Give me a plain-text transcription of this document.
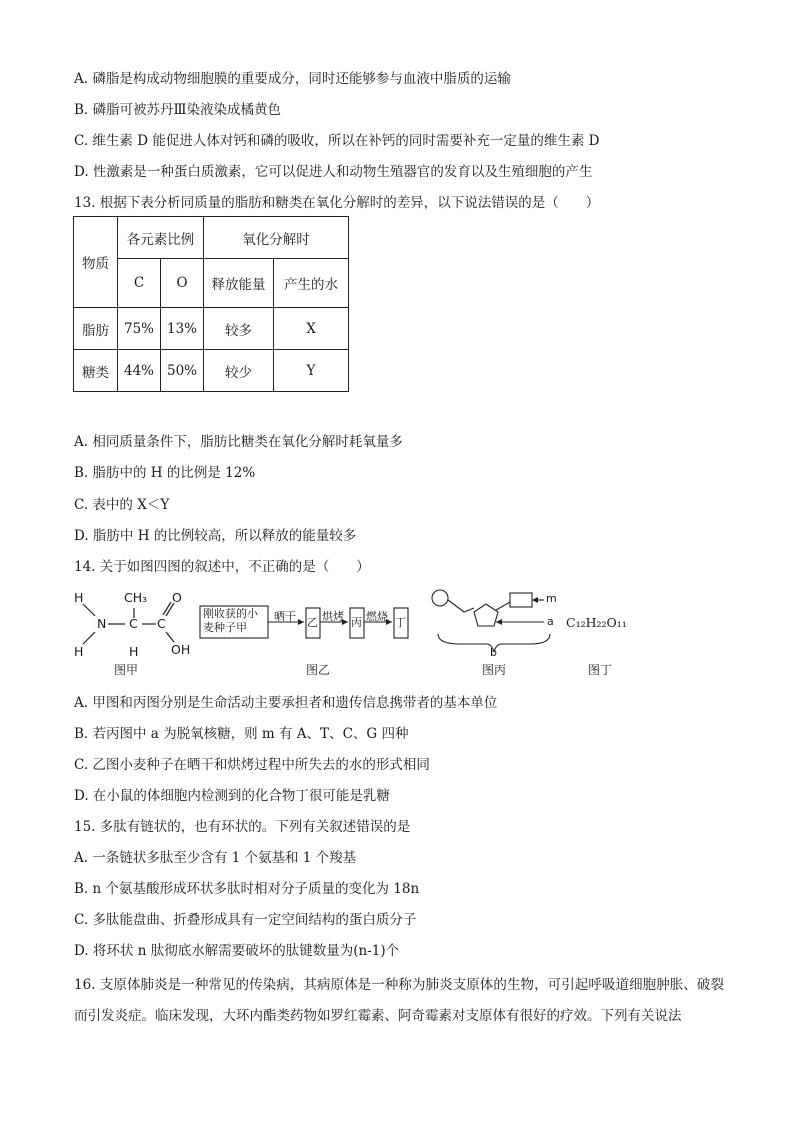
A. 磷脂是构成动物细胞膜的重要成分，同时还能够参与血液中脂质的运输
B. 磷脂可被苏丹Ⅲ染液染成橘黄色
C. 维生素 D 能促进人体对钙和磷的吸收，所以在补钙的同时需要补充一定量的维生素 D
D. 性激素是一种蛋白质激素，它可以促进人和动物生殖器官的发育以及生殖细胞的产生
13. 根据下表分析同质量的脂肪和糖类在氧化分解时的差异，以下说法错误的是（　　）
物质	各元素比例		氧化分解时	
	C	O	释放能量	产生的水
脂肪	75%	13%	较多	X
糖类	44%	50%	较少	Y
A. 相同质量条件下，脂肪比糖类在氧化分解时耗氧量多
B. 脂肪中的 H 的比例是 12%
C. 表中的 X＜Y
D. 脂肪中 H 的比例较高，所以释放的能量较多
14. 关于如图四图的叙述中，不正确的是（　　）
H
H
N
CH₃
C
H
C
O
OH
图甲
刚收获的小
麦种子甲
晒干 乙 烘烤 丙 燃烧 丁
图乙
m
a
b
图丙
C₁₂H₂₂O₁₁
图丁
A. 甲图和丙图分别是生命活动主要承担者和遗传信息携带者的基本单位
B. 若丙图中 a 为脱氧核糖，则 m 有 A、T、C、G 四种
C. 乙图小麦种子在晒干和烘烤过程中所失去的水的形式相同
D. 在小鼠的体细胞内检测到的化合物丁很可能是乳糖
15. 多肽有链状的，也有环状的。下列有关叙述错误的是
A. 一条链状多肽至少含有 1 个氨基和 1 个羧基
B. n 个氨基酸形成环状多肽时相对分子质量的变化为 18n
C. 多肽能盘曲、折叠形成具有一定空间结构的蛋白质分子
D. 将环状 n 肽彻底水解需要破坏的肽键数量为(n-1)个
16. 支原体肺炎是一种常见的传染病，其病原体是一种称为肺炎支原体的生物，可引起呼吸道细胞肿胀、破裂而引发炎症。临床发现，大环内酯类药物如罗红霉素、阿奇霉素对支原体有很好的疗效。下列有关说法
